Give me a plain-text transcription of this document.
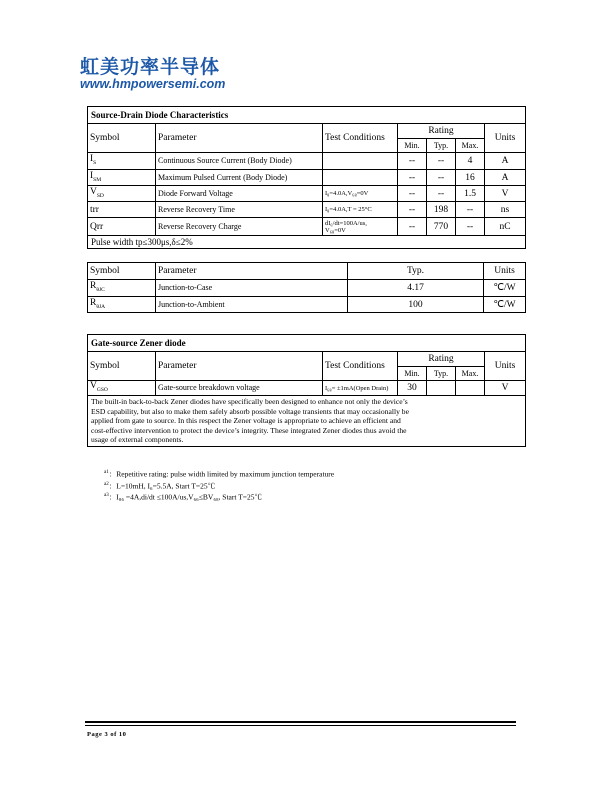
虹美功率半导体
www.hmpowersemi.com
Source-Drain Diode Characteristics						
Symbol	Parameter	Test Conditions	Rating			Units
			Min.	Typ.	Max.	
$I_S$	Continuous Source Current (Body Diode)		--	--	4	A
$I_{SM}$	Maximum Pulsed Current (Body Diode)		--	--	16	A
$V_{SD}$	Diode Forward Voltage	I₈=4.0A,V₆₈=0V	--	--	1.5	V
trr	Reverse Recovery Time	I₈=4.0A,T⁣ = 25°C	--	198	--	ns
Qrr	Reverse Recovery Charge	dI₆/dt=100A/us,
V₆₈=0V	--	770	--	nC
Pulse width tp≤300μs,δ≤2%						
Symbol	Parameter	Typ.	Units
$R_{\theta JC}$	Junction-to-Case	4.17	℃/W
$R_{\theta JA}$	Junction-to-Ambient	100	℃/W
Gate-source Zener diode						
Symbol	Parameter	Test Conditions	Rating			Units
			Min.	Typ.	Max.	
$V_{GSO}$	Gate-source breakdown voltage	I₆₈= ±1mA(Open Drain)	30			V

The built-in back-to-back Zener diodes have specifically been designed to enhance not only the device’s
ESD capability, but also to make them safely absorb possible voltage transients that may occasionally be
applied from gate to source. In this respect the Zener voltage is appropriate to achieve an efficient and
cost-effective intervention to protect the device’s integrity. These integrated Zener diodes thus avoid the
usage of external components.						
$^{a1}$：Repetitive rating: pulse width limited by maximum junction temperature
$^{a2}$：L=10mH, I₆=5.5A, Start T⁣=25℃
$^{a3}$：I₈₆ =4A,di/dt ≤100A/us,V₆₆≤BV₆₈, Start T⁣=25℃
Page 3 of 10
